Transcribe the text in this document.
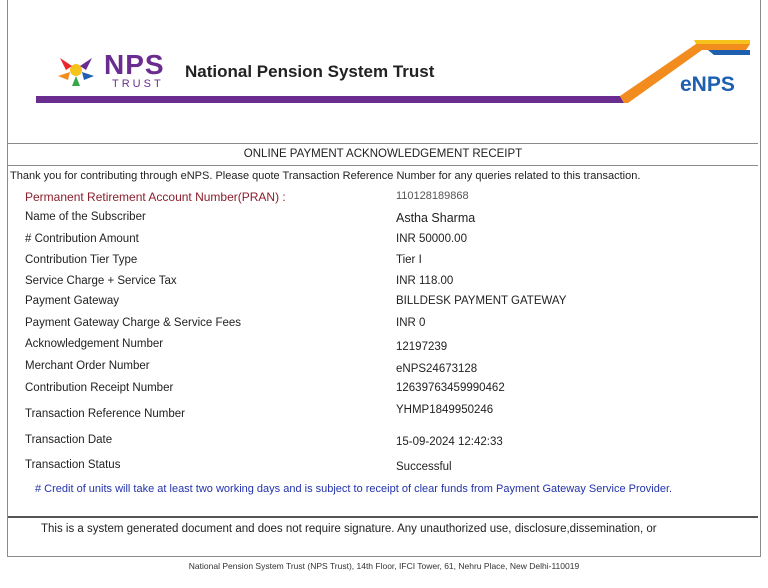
NPS
TRUST
National Pension System Trust
eNPS
ONLINE PAYMENT ACKNOWLEDGEMENT RECEIPT
Thank you for contributing through eNPS. Please quote Transaction Reference Number for any queries related to this transaction.
Permanent Retirement Account Number(PRAN) :	110128189868
Name of the Subscriber	Astha Sharma
# Contribution Amount	INR 50000.00
Contribution Tier Type	Tier I
Service Charge + Service Tax	INR 118.00
Payment Gateway	BILLDESK PAYMENT GATEWAY
Payment Gateway Charge & Service Fees	INR 0
Acknowledgement Number	12197239
Merchant Order Number	eNPS24673128
Contribution Receipt Number	12639763459990462
Transaction Reference Number	YHMP1849950246
Transaction Date	15-09-2024 12:42:33
Transaction Status	Successful
# Credit of units will take at least two working days and is subject to receipt of clear funds from Payment Gateway Service Provider.
This is a system generated document and does not require signature. Any unauthorized use, disclosure,dissemination, or
National Pension System Trust (NPS Trust), 14th Floor, IFCI Tower, 61, Nehru Place, New Delhi-110019
